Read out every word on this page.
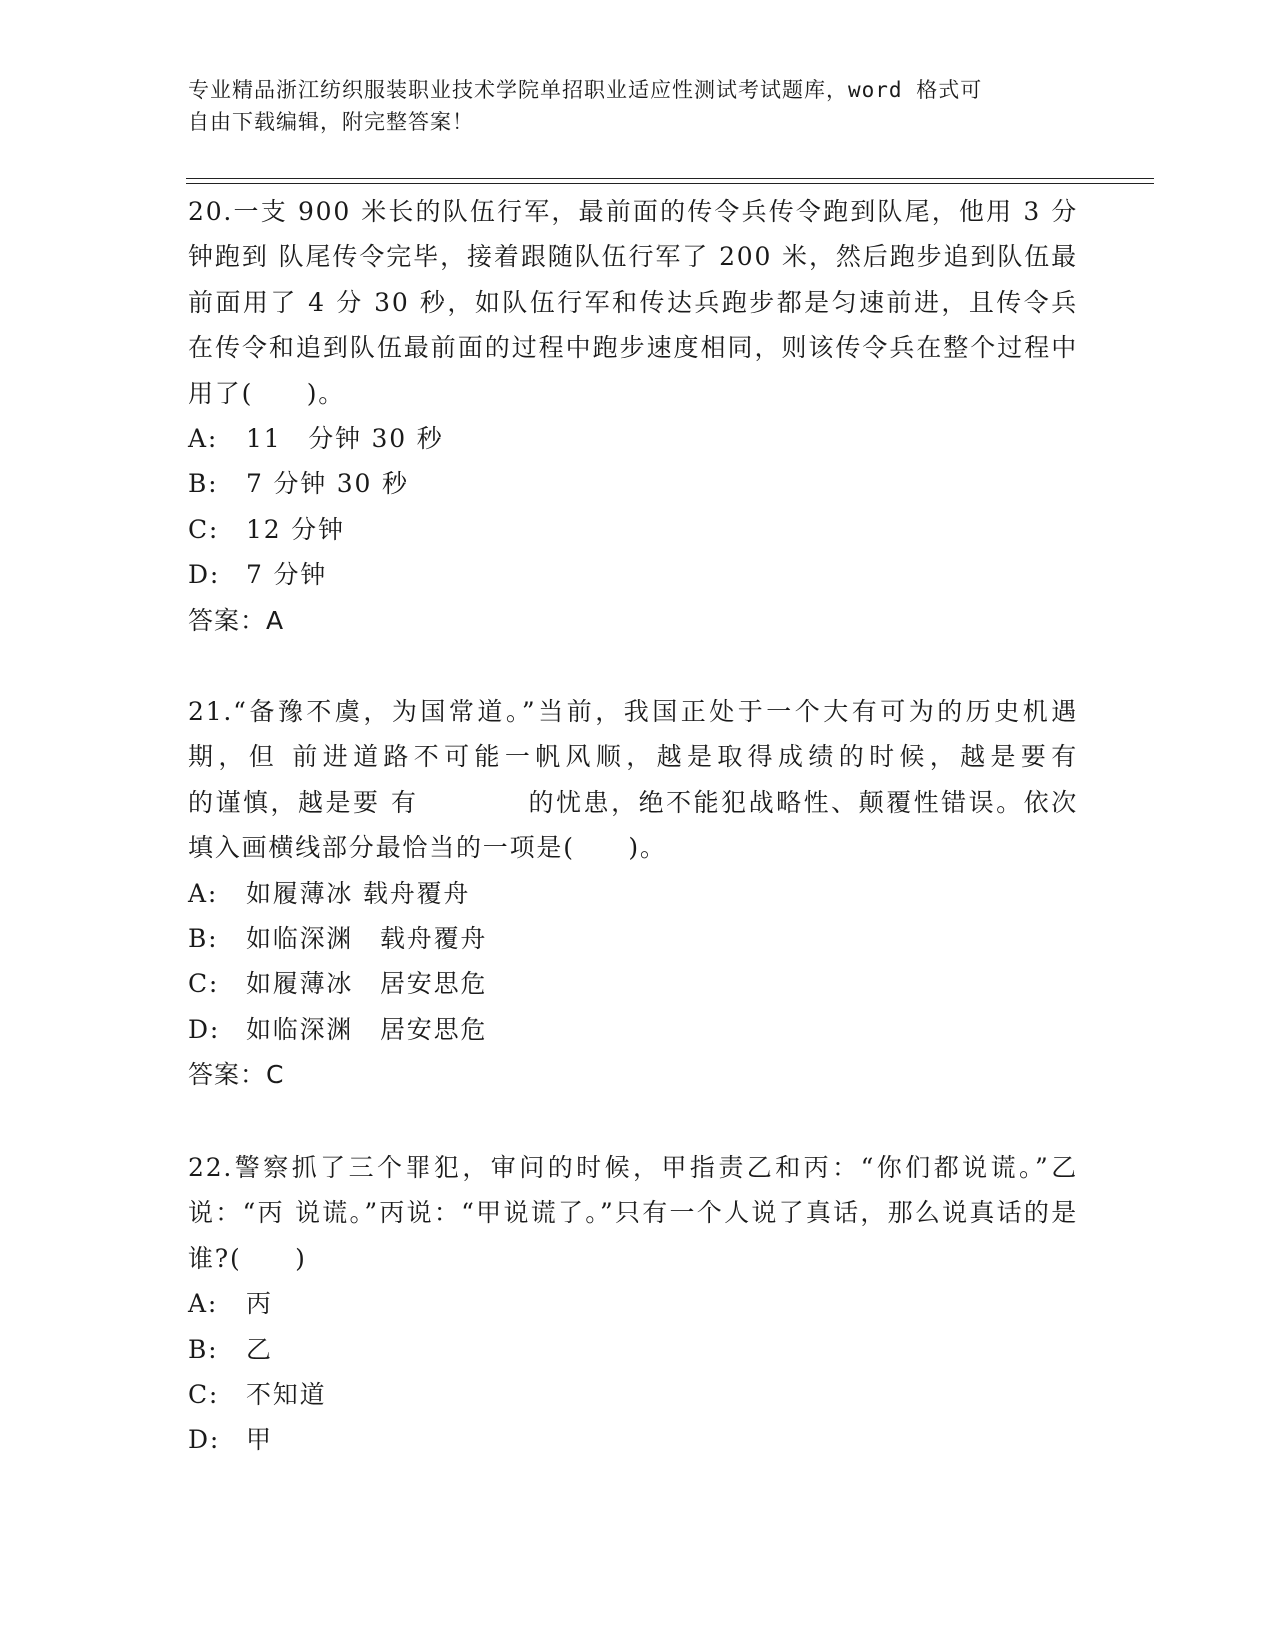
专业精品浙江纺织服装职业技术学院单招职业适应性测试考试题库，word 格式可
自由下载编辑，附完整答案！

20.一支 900 米长的队伍行军，最前面的传令兵传令跑到队尾，他用 3 分钟跑到 队尾传令完毕，接着跟随队伍行军了 200 米，然后跑步追到队伍最前面用了 4 分 30 秒，如队伍行军和传达兵跑步都是匀速前进，且传令兵在传令和追到队伍最前面的过程中跑步速度相同，则该传令兵在整个过程中用了(　　)。

A: 11　分钟 30 秒
B: 7 分钟 30 秒
C: 12 分钟
D: 7 分钟
答案：A

21.“备豫不虞，为国常道。”当前，我国正处于一个大有可为的历史机遇期，但 前进道路不可能一帆风顺，越是取得成绩的时候，越是要有　　　　的谨慎，越是要 有　　　　的忧患，绝不能犯战略性、颠覆性错误。依次填入画横线部分最恰当的一项是(　　)。

A: 如履薄冰 载舟覆舟
B: 如临深渊　载舟覆舟
C: 如履薄冰　居安思危
D: 如临深渊　居安思危
答案：C

22.警察抓了三个罪犯，审问的时候，甲指责乙和丙：“你们都说谎。”乙说：“丙 说谎。”丙说：“甲说谎了。”只有一个人说了真话，那么说真话的是谁?(　　)

A: 丙
B: 乙
C: 不知道
D: 甲
